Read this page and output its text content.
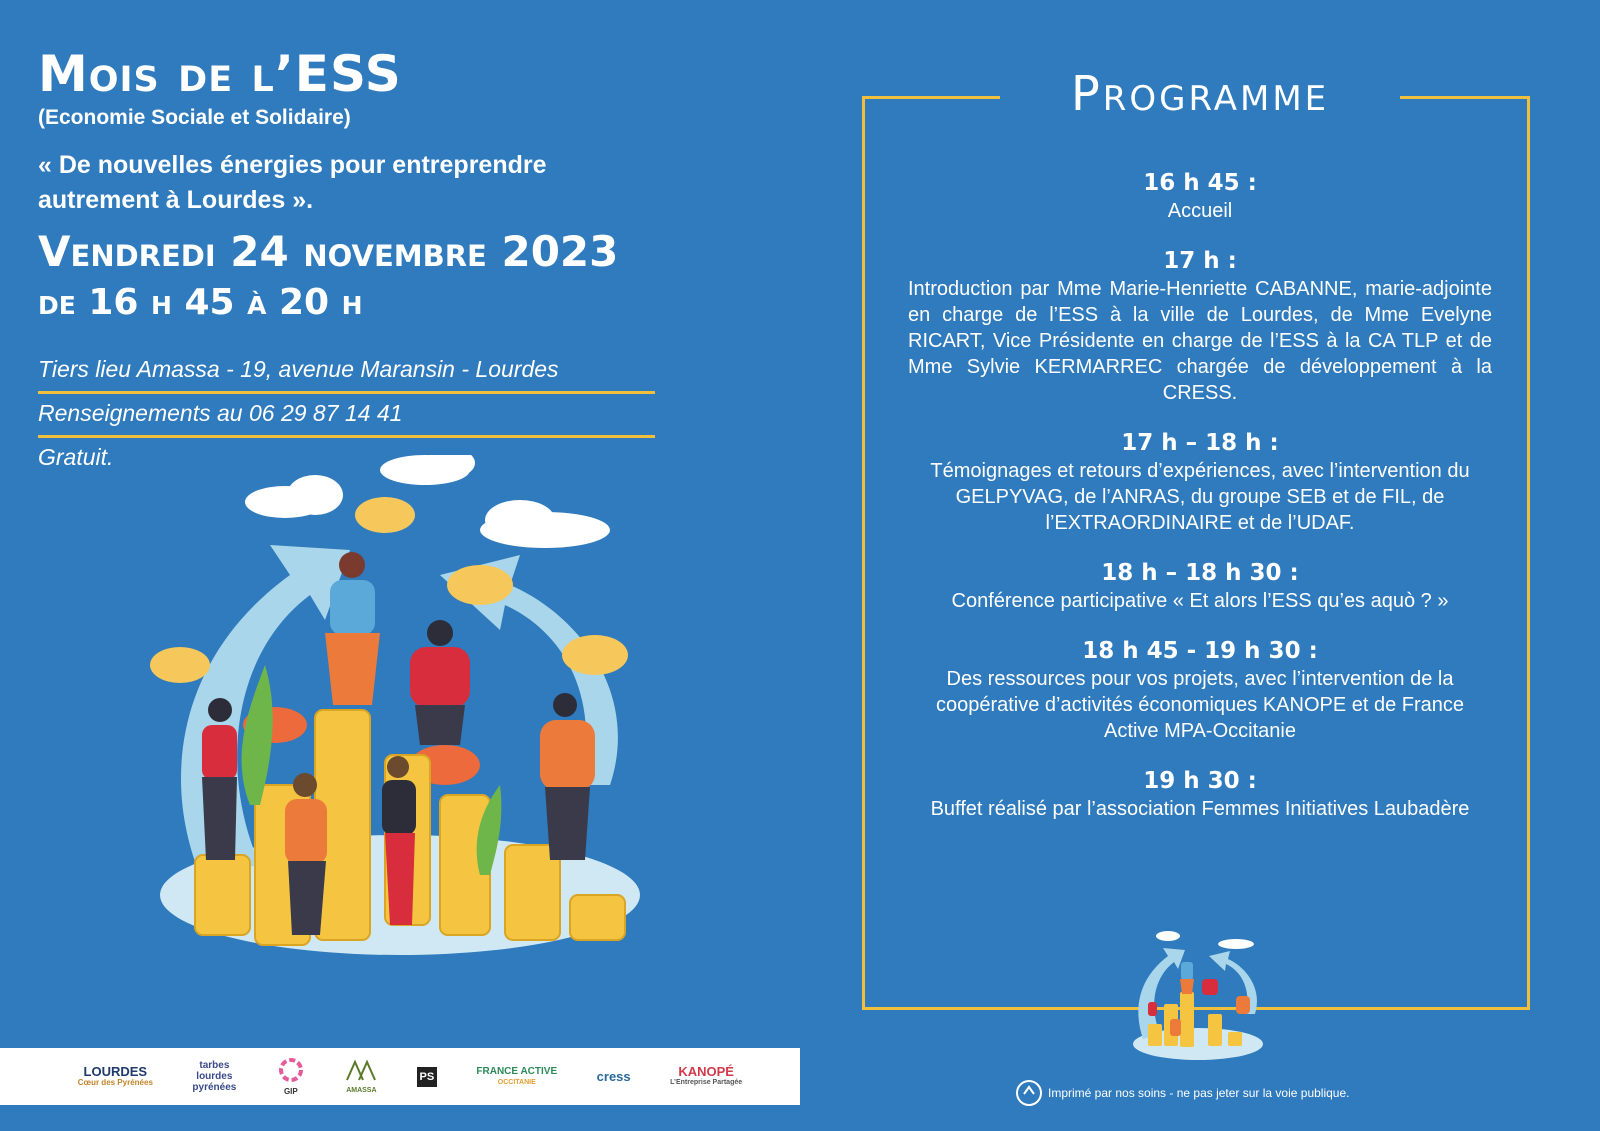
Mois de l’ESS
(Economie Sociale et Solidaire)
« De nouvelles énergies pour entreprendre
autrement à Lourdes ».
Vendredi 24 novembre 2023
de 16 h 45 à 20 h
Tiers lieu Amassa - 19, avenue Maransin - Lourdes
Renseignements au 06 29 87 14 41
Gratuit.
Programme
16 h 45 :
Accueil
17 h :
Introduction par Mme Marie-Henriette CABANNE, marie-adjointe en charge de l’ESS à la ville de Lourdes, de Mme Evelyne RICART, Vice Présidente en charge de l’ESS à la CA TLP et de Mme Sylvie KERMARREC chargée de développement à la CRESS.
17 h – 18 h :
Témoignages et retours d’expériences, avec l’intervention du GELPYVAG, de l’ANRAS, du groupe SEB et de FIL, de l’EXTRAORDINAIRE et de l’UDAF.
18 h – 18 h 30 :
Conférence participative « Et alors l’ESS qu’es aquò ? »
18 h 45 - 19 h 30 :
Des ressources pour vos projets, avec l’intervention de la coopérative d’activités économiques KANOPE et de France Active MPA-Occitanie
19 h 30 :
Buffet réalisé par l’association Femmes Initiatives Laubadère
LOURDES
Cœur des Pyrénées
tarbes
lourdes
pyrénées	GIP	AMASSA
PS	FRANCE ACTIVE
OCCITANIE	cress	KANOPÉ
L’Entreprise Partagée
Imprimé par nos soins - ne pas jeter sur la voie publique.
